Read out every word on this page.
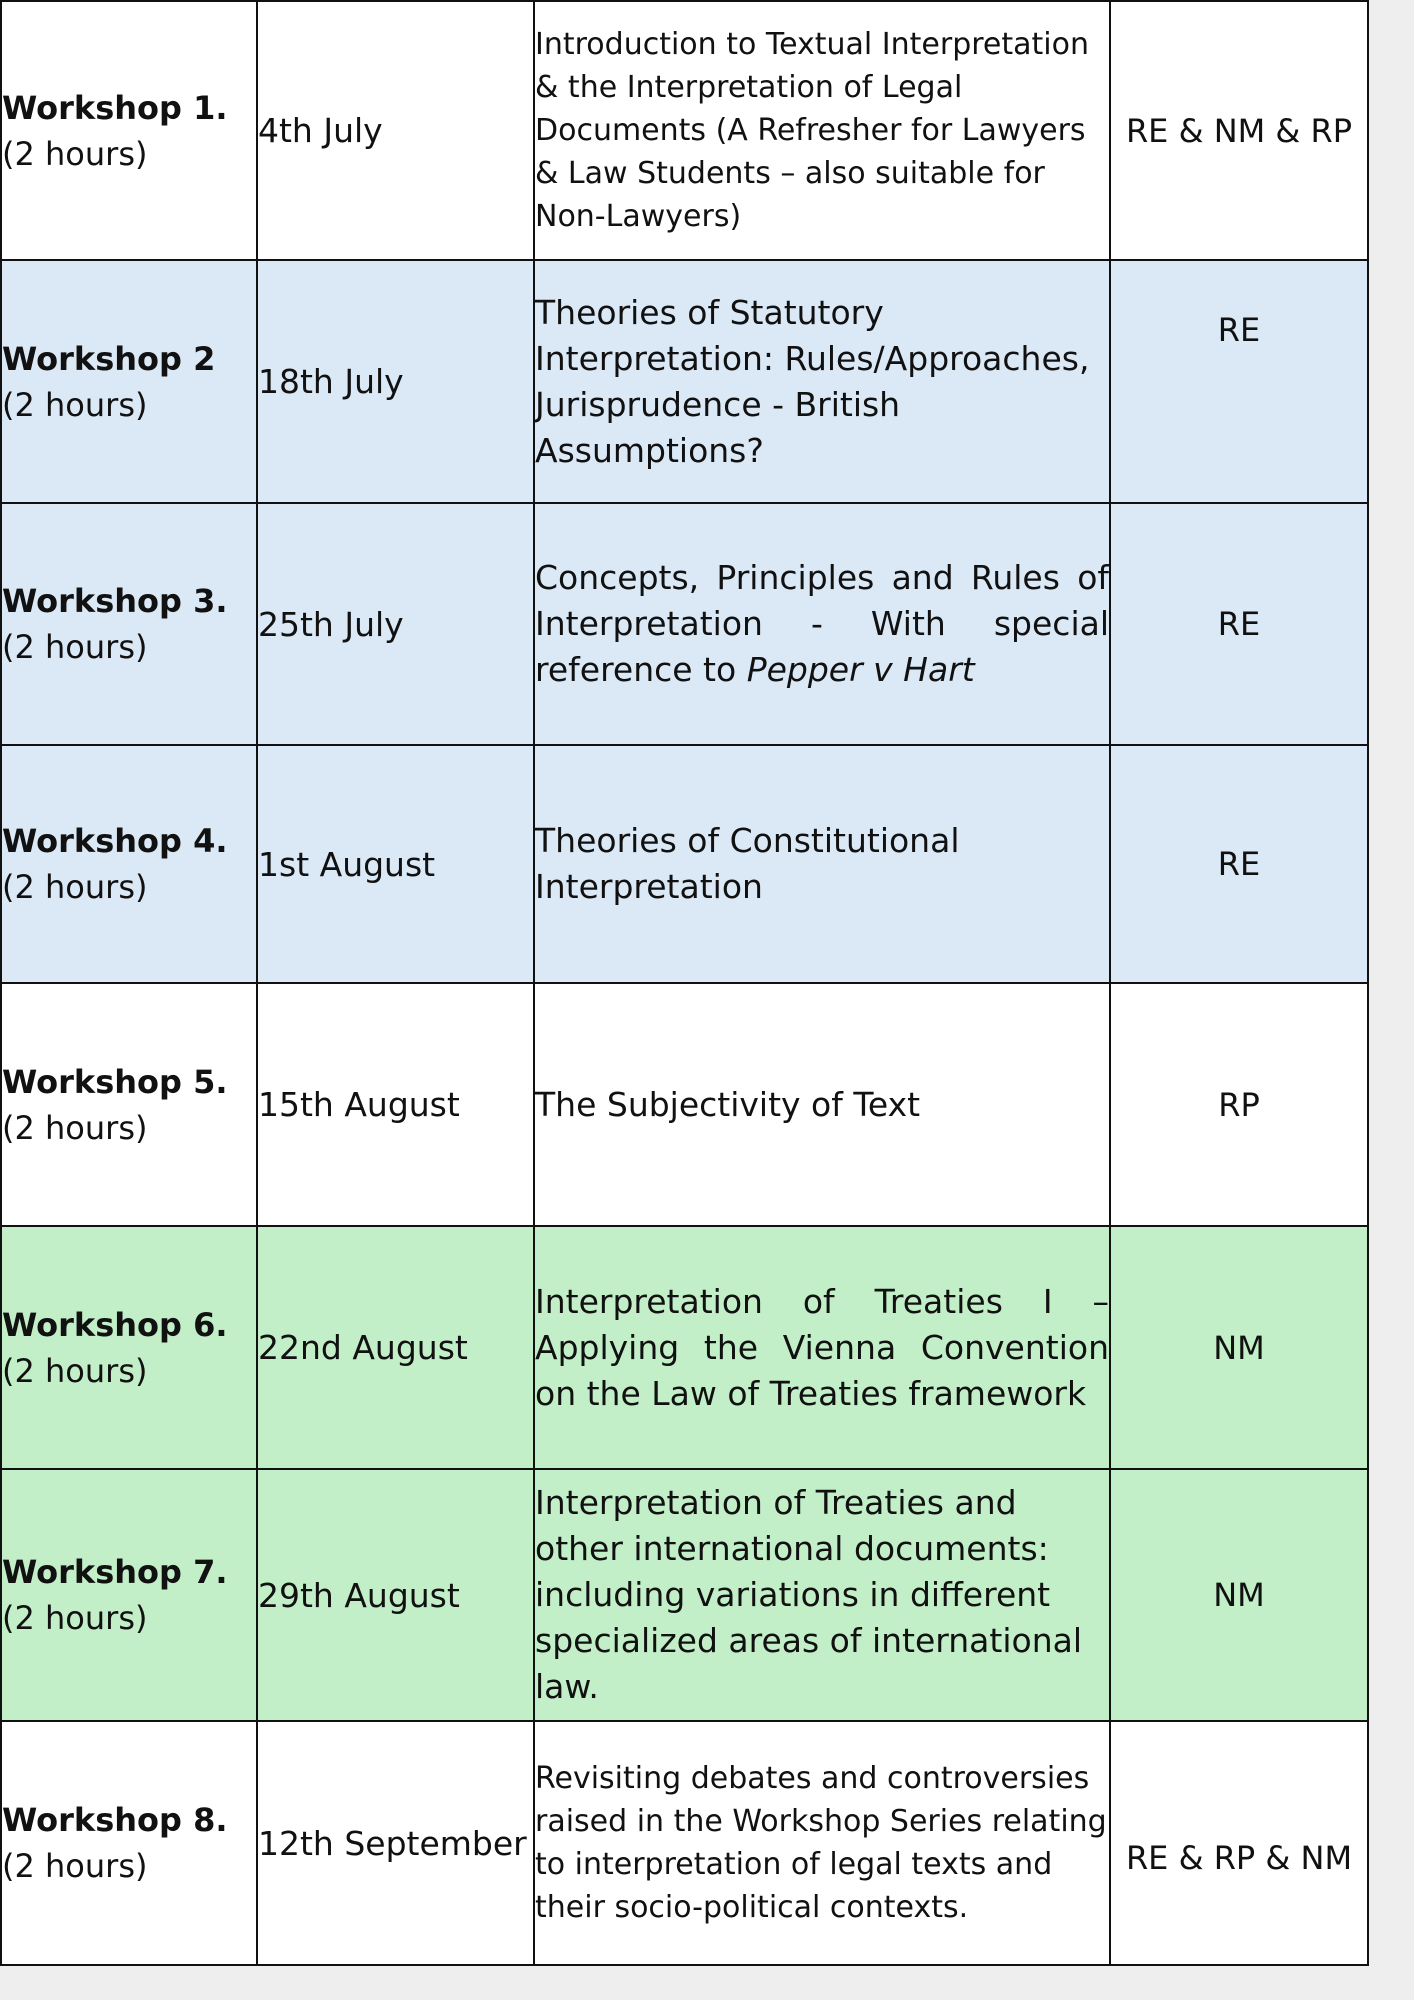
Workshop 1.
(2 hours)	4th July	Introduction to Textual Interpretation & the Interpretation of Legal Documents (A Refresher for Lawyers & Law Students – also suitable for Non-Lawyers)	RE & NM & RP

Workshop 2
(2 hours)	18th July	Theories of Statutory Interpretation: Rules/Approaches, Jurisprudence - British Assumptions?	RE

Workshop 3.
(2 hours)	25th July	Concepts, Principles and Rules of Interpretation - With special reference to Pepper v Hart	RE

Workshop 4.
(2 hours)	1st August	Theories of Constitutional Interpretation	RE

Workshop 5.
(2 hours)	15th August	The Subjectivity of Text	RP

Workshop 6.
(2 hours)	22nd August	Interpretation of Treaties I – Applying the Vienna Convention on the Law of Treaties framework	NM

Workshop 7.
(2 hours)	29th August	Interpretation of Treaties and other international documents: including variations in different specialized areas of international law.	NM

Workshop 8.
(2 hours)	12th September	Revisiting debates and controversies raised in the Workshop Series relating to interpretation of legal texts and their socio-political contexts.	RE & RP & NM
